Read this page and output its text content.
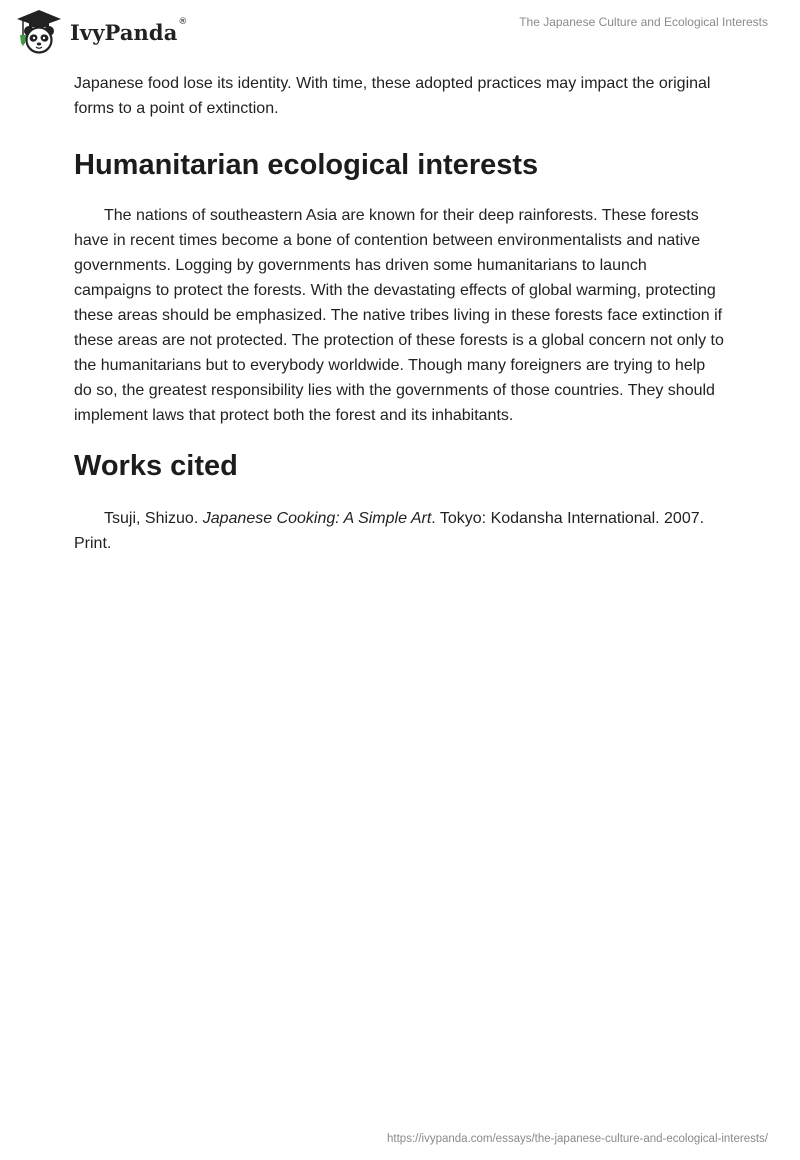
IvyPanda ®	The Japanese Culture and Ecological Interests

Japanese food lose its identity. With time, these adopted practices may impact the original forms to a point of extinction.

Humanitarian ecological interests

The nations of southeastern Asia are known for their deep rainforests. These forests have in recent times become a bone of contention between environmentalists and native governments. Logging by governments has driven some humanitarians to launch campaigns to protect the forests. With the devastating effects of global warming, protecting these areas should be emphasized. The native tribes living in these forests face extinction if these areas are not protected. The protection of these forests is a global concern not only to the humanitarians but to everybody worldwide. Though many foreigners are trying to help do so, the greatest responsibility lies with the governments of those countries. They should implement laws that protect both the forest and its inhabitants.

Works cited

Tsuji, Shizuo. Japanese Cooking: A Simple Art. Tokyo: Kodansha International. 2007. Print.

https://ivypanda.com/essays/the-japanese-culture-and-ecological-interests/
